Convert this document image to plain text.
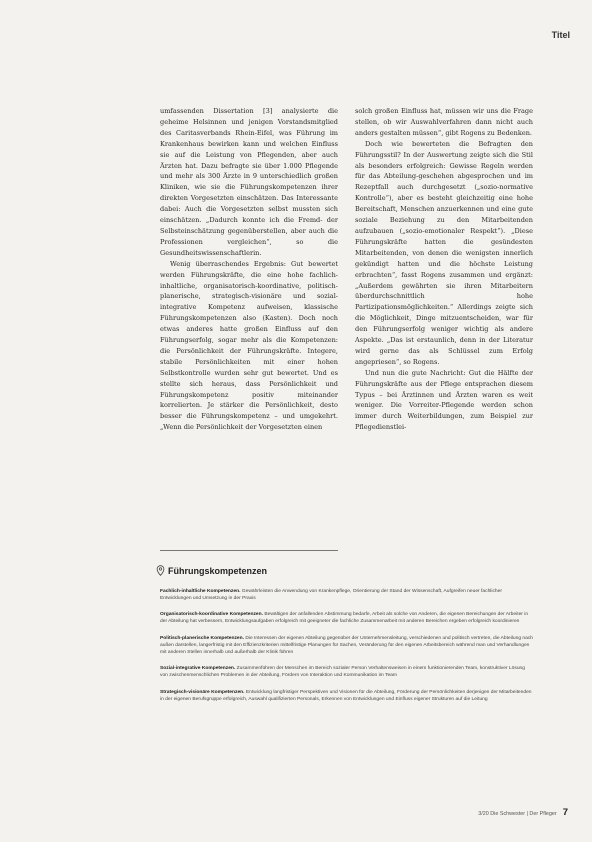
Titel

umfassenden Dissertation [3] analysierte die geheime Helsinnen und jenigen Vorstandsmitglied des Caritasverbands Rhein-Eifel, was Führung im Krankenhaus bewirken kann und welchen Einfluss sie auf die Leistung von Pflegenden, aber auch Ärzten hat. Dazu befragte sie über 1.000 Pflegende und mehr als 300 Ärzte in 9 unterschiedlich großen Kliniken, wie sie die Führungskompetenzen ihrer direkten Vorgesetzten einschätzen. Das Interessante dabei: Auch die Vorgesetzten selbst mussten sich einschätzen. „Dadurch konnte ich die Fremd- der Selbsteinschätzung gegenüberstellen, aber auch die Professionen vergleichen“, so die Gesundheitswissenschaftlerin.

Wenig überraschendes Ergebnis: Gut bewertet werden Führungskräfte, die eine hohe fachlich-inhaltliche, organisatorisch-koordinative, politisch-planerische, strategisch-visionäre und sozial-integrative Kompetenz aufweisen, klassische Führungskompetenzen also (Kasten). Doch noch etwas anderes hatte großen Einfluss auf den Führungserfolg, sogar mehr als die Kompetenzen: die Persönlichkeit der Führungskräfte. Integere, stabile Persönlichkeiten mit einer hohen Selbstkontrolle wurden sehr gut bewertet. Und es stellte sich heraus, dass Persönlichkeit und Führungskompetenz positiv miteinander korrelierten. Je stärker die Persönlichkeit, desto besser die Führungskompetenz – und umgekehrt. „Wenn die Persönlichkeit der Vorgesetzten einen

solch großen Einfluss hat, müssen wir uns die Frage stellen, ob wir Auswahlverfahren dann nicht auch anders gestalten müssen“, gibt Rogens zu Bedenken.

Doch wie bewerteten die Befragten den Führungsstil? In der Auswertung zeigte sich die Stil als besonders erfolgreich: Gewisse Regeln werden für das Abteilung-geschehen abgesprochen und im Rezeptfall auch durchgesetzt („sozio-normative Kontrolle“), aber es besteht gleichzeitig eine hohe Bereitschaft, Menschen anzuerkennen und eine gute soziale Beziehung zu den Mitarbeitenden aufzubauen („sozio-emotionaler Respekt“). „Diese Führungskräfte hatten die gesündesten Mitarbeitenden, von denen die wenigsten innerlich gekündigt hatten und die höchste Leistung erbrachten“, fasst Rogens zusammen und ergänzt: „Außerdem gewährten sie ihren Mitarbeitern überdurchschnittlich hohe Partizipationsmöglichkeiten.“ Allerdings zeigte sich die Möglichkeit, Dinge mitzuentscheiden, war für den Führungserfolg weniger wichtig als andere Aspekte. „Das ist erstaunlich, denn in der Literatur wird gerne das als Schlüssel zum Erfolg angepriesen“, so Rogens.

Und nun die gute Nachricht: Gut die Hälfte der Führungskräfte aus der Pflege entsprachen diesem Typus – bei Ärztinnen und Ärzten waren es weit weniger. Die Vorreiter-Pflegende werden schon immer durch Weiterbildungen, zum Beispiel zur Pflegedienstlei-

Führungskompetenzen

Fachlich-inhaltliche Kompetenzen. Gewährleisten die Anwendung von Krankenpflege, Orientierung der Stand der Wissenschaft, Aufgreifen neuer fachlicher Entwicklungen und Umsetzung in der Praxis

Organisatorisch-koordinative Kompetenzen. Bewältigen der anfallenden Abstimmung bedarfe, Arbeit als solche von Anderen, die eigenen Bereichungen der Arbeiter in der Abteilung hat verbessern, Entwicklungsaufgaben erfolgreich mit geeigneter die fachliche Zusammenarbeit mit anderen Bereichen ergeben erfolgreich koordinieren

Politisch-planerische Kompetenzen. Die Interessen der eigenen Abteilung gegenüber der Unternehmensleitung, verschiedenen und politisch vertreten, die Abteilung nach außen darstellen, langerfristig mit den Effizienzkriterien mittelfristige Planungen für Sachen, Veränderung für den eigenen Arbeitsbereich während man und Verhandlungen mit anderen Stellen innerhalb und außerhalb der Klinik führen

Sozial-integrative Kompetenzen. Zusammenführen der Menschen im Bereich sozialer Person Verhaltensweisen in einem funktionierenden Team, konstruktiver Lösung von zwischenmenschlichen Problemen in der Abteilung, Fördern von Interaktion und Kommunikation im Team

Strategisch-visionäre Kompetenzen. Entwicklung langfristiger Perspektiven und Visionen für die Abteilung, Förderung der Persönlichkeiten derjenigen der Mitarbeitenden in der eigenen Berufsgruppe erfolgreich, Auswahl qualifizierten Personals, Erkennen von Entwicklungen und Einfluss eigener Strukturen auf die Leitung

3/20 Die Schwester | Der Pfleger 7
